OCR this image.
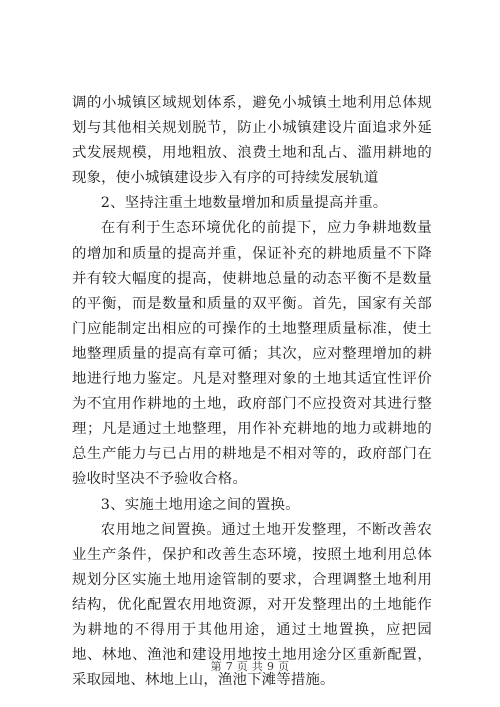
调的小城镇区域规划体系，避免小城镇土地利用总体规划与其他相关规划脱节，防止小城镇建设片面追求外延式发展规模，用地粗放、浪费土地和乱占、滥用耕地的现象，使小城镇建设步入有序的可持续发展轨道

2、坚持注重土地数量增加和质量提高并重。

在有利于生态环境优化的前提下，应力争耕地数量的增加和质量的提高并重，保证补充的耕地质量不下降并有较大幅度的提高，使耕地总量的动态平衡不是数量的平衡，而是数量和质量的双平衡。首先，国家有关部门应能制定出相应的可操作的土地整理质量标准，使土地整理质量的提高有章可循；其次，应对整理增加的耕地进行地力鉴定。凡是对整理对象的土地其适宜性评价为不宜用作耕地的土地，政府部门不应投资对其进行整理；凡是通过土地整理，用作补充耕地的地力或耕地的总生产能力与已占用的耕地是不相对等的，政府部门在验收时坚决不予验收合格。

3、实施土地用途之间的置换。

农用地之间置换。通过土地开发整理，不断改善农业生产条件，保护和改善生态环境，按照土地利用总体规划分区实施土地用途管制的要求，合理调整土地利用结构，优化配置农用地资源，对开发整理出的土地能作为耕地的不得用于其他用途，通过土地置换，应把园地、林地、渔池和建设用地按土地用途分区重新配置，采取园地、林地上山，渔池下滩等措施。

第 7 页 共 9 页
